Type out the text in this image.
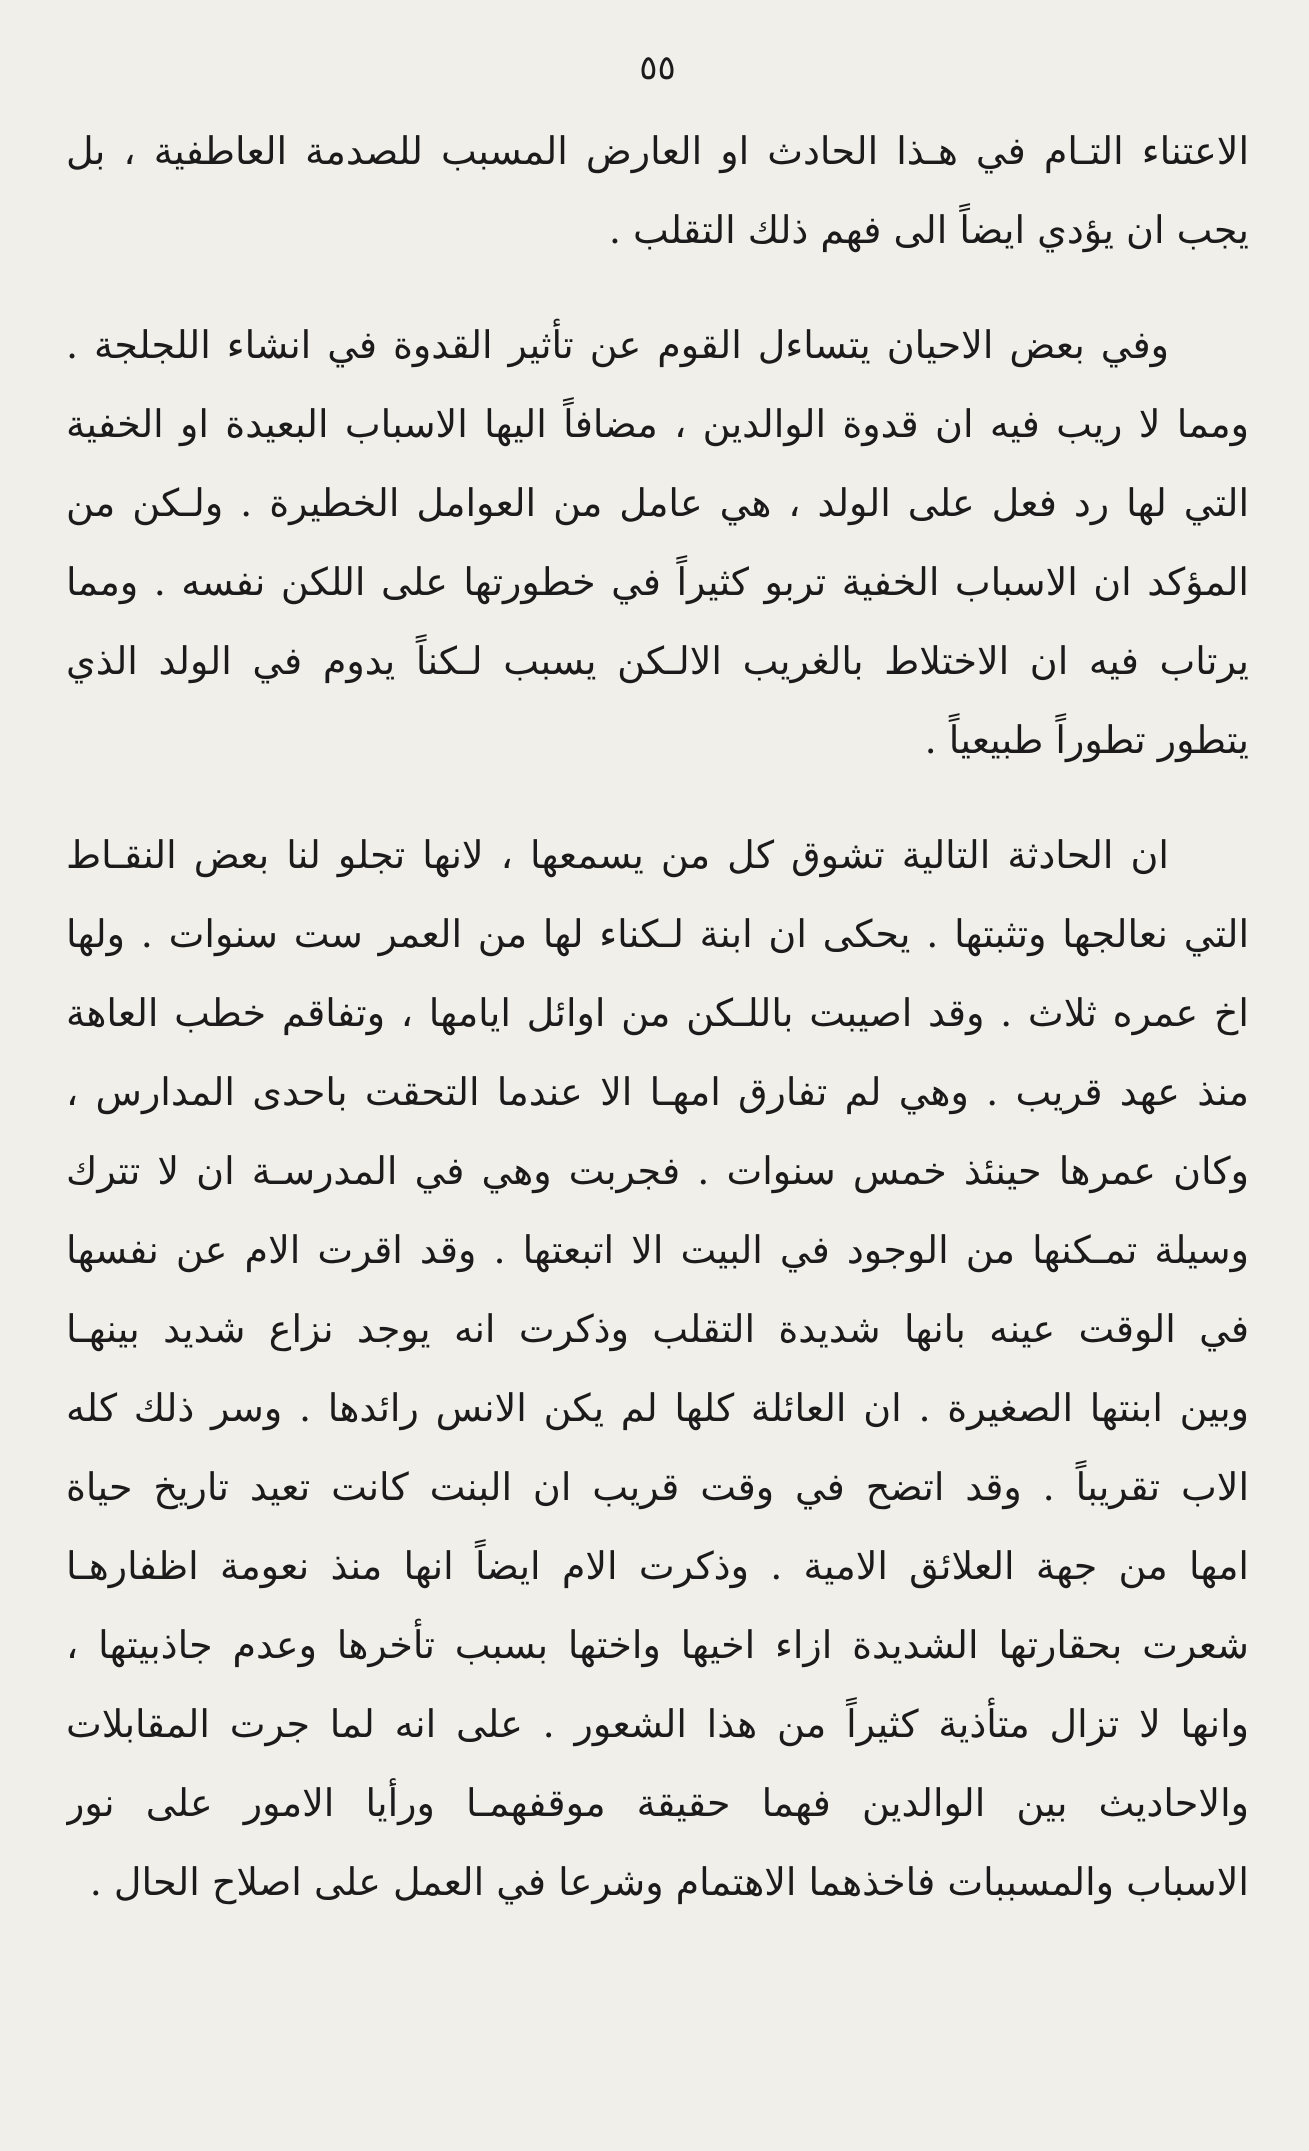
٥٥
الاعتناء التـام في هـذا الحادث او العارض المسبب للصدمة العاطفية ، بل
يجب ان يؤدي ايضاً الى فهم ذلك التقلب .
وفي بعض الاحيان يتساءل القوم عن تأثير القدوة في انشاء اللجلجة .
ومما لا ريب فيه ان قدوة الوالدين ، مضافاً اليها الاسباب البعيدة او الخفية
التي لها رد فعل على الولد ، هي عامل من العوامل الخطيرة . ولـكن من
المؤكد ان الاسباب الخفية تربو كثيراً في خطورتها على اللكن نفسه . ومما
يرتاب فيه ان الاختلاط بالغريب الالـكن يسبب لـكناً يدوم في الولد الذي
يتطور تطوراً طبيعياً .
ان الحادثة التالية تشوق كل من يسمعها ، لانها تجلو لنا بعض النقـاط
التي نعالجها وتثبتها . يحكى ان ابنة لـكناء لها من العمر ست سنوات . ولها
اخ عمره ثلاث . وقد اصيبت باللـكن من اوائل ايامها ، وتفاقم خطب العاهة
منذ عهد قريب . وهي لم تفارق امهـا الا عندما التحقت باحدى المدارس ،
وكان عمرها حينئذ خمس سنوات . فجربت وهي في المدرسـة ان لا تترك
وسيلة تمـكنها من الوجود في البيت الا اتبعتها . وقد اقرت الام عن نفسها
في الوقت عينه بانها شديدة التقلب وذكرت انه يوجد نزاع شديد بينهـا
وبين ابنتها الصغيرة . ان العائلة كلها لم يكن الانس رائدها . وسر ذلك كله
الاب تقريباً . وقد اتضح في وقت قريب ان البنت كانت تعيد تاريخ حياة
امها من جهة العلائق الامية . وذكرت الام ايضاً انها منذ نعومة اظفارهـا
شعرت بحقارتها الشديدة ازاء اخيها واختها بسبب تأخرها وعدم جاذبيتها ،
وانها لا تزال متأذية كثيراً من هذا الشعور . على انه لما جرت المقابلات
والاحاديث بين الوالدين فهما حقيقة موقفهمـا ورأيا الامور على نور
الاسباب والمسببات فاخذهما الاهتمام وشرعا في العمل على اصلاح الحال .
